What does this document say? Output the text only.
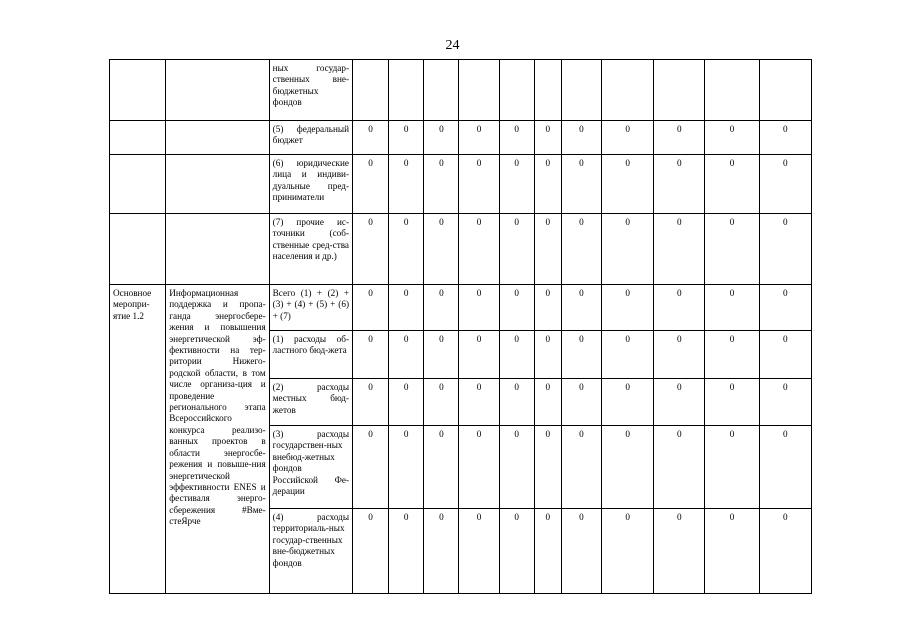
24
		ных государ-ственных вне-бюджетных фондов											
		(5) федеральный бюджет	0	0	0	0	0	0	0	0	0	0	0
		(6) юридические лица и индиви-дуальные пред-приниматели	0	0	0	0	0	0	0	0	0	0	0
		(7) прочие ис-точники (соб-ственные сред-ства населения и др.)	0	0	0	0	0	0	0	0	0	0	0
Основное меропри-ятие 1.2	Информационная поддержка и пропа-ганда энергосбере-жения и повышения энергетической эф-фективности на тер-ритории Нижего-родской области, в том числе организа-ция и проведение регионального этапа Всероссийского конкурса реализо-ванных проектов в области энергосбе-режения и повыше-ния энергетической эффективности ENES и фестиваля энерго-сбережения #Вме-стеЯрче	Всего (1) + (2) + (3) + (4) + (5) + (6) + (7)	0	0	0	0	0	0	0	0	0	0	0
		(1) расходы об-ластного бюд-жета	0	0	0	0	0	0	0	0	0	0	0
		(2) расходы местных бюд-жетов	0	0	0	0	0	0	0	0	0	0	0
		(3) расходы государствен-ных внебюд-жетных фондов Российской Фе-дерации	0	0	0	0	0	0	0	0	0	0	0
		(4) расходы территориаль-ных государ-ственных вне-бюджетных фондов	0	0	0	0	0	0	0	0	0	0	0
